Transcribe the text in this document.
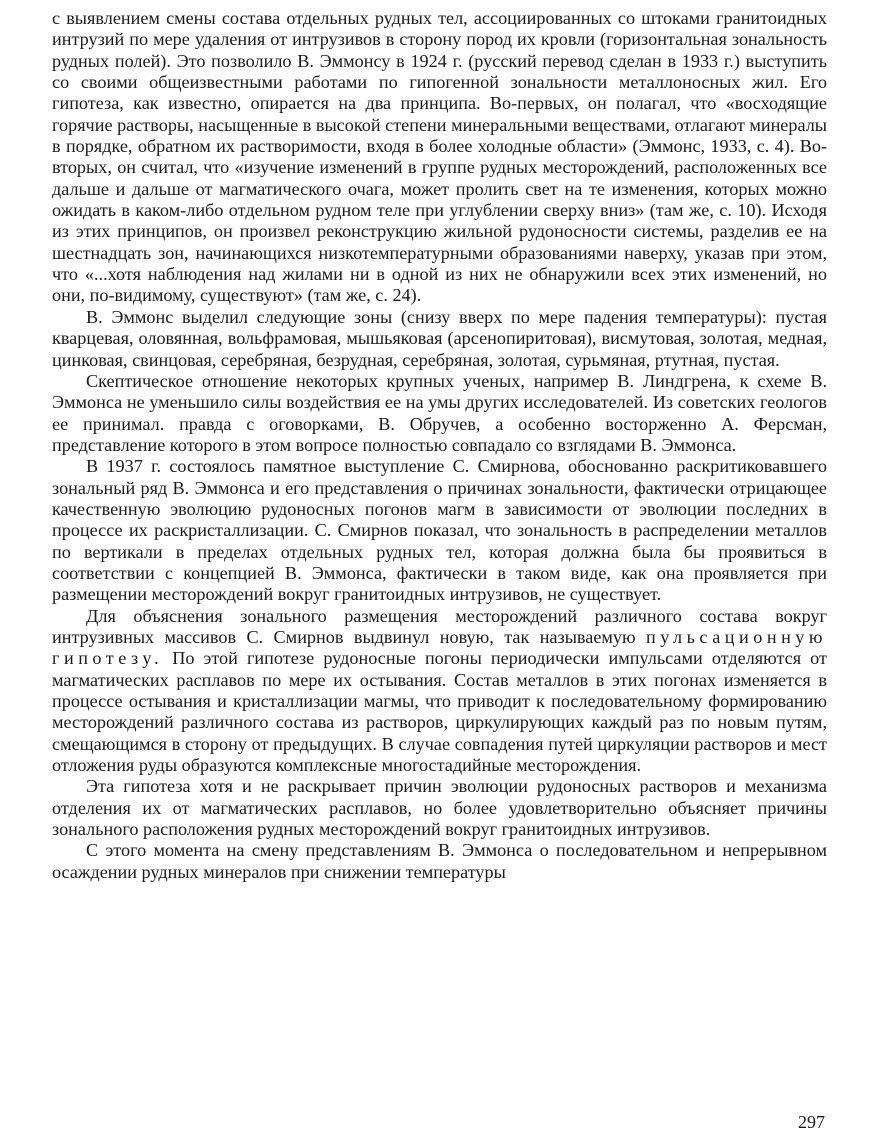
с выявлением смены состава отдельных рудных тел, ассоциированных со штоками гранитоидных интрузий по мере удаления от интрузивов в сторону пород их кровли (горизонтальная зональность рудных полей). Это позволило В. Эммонсу в 1924 г. (русский перевод сделан в 1933 г.) выступить со своими общеизвестными работами по гипогенной зональности металлоносных жил. Его гипотеза, как известно, опирается на два принципа. Во-первых, он полагал, что «восходящие горячие растворы, насыщенные в высокой степени минеральными веществами, отлагают минералы в порядке, обратном их растворимости, входя в более холодные области» (Эммонс, 1933, с. 4). Во-вторых, он считал, что «изучение изменений в группе рудных месторождений, расположенных все дальше и дальше от магматического очага, может пролить свет на те изменения, которых можно ожидать в каком-либо отдельном рудном теле при углублении сверху вниз» (там же, с. 10). Исходя из этих принципов, он произвел реконструкцию жильной рудоносности системы, разделив ее на шестнадцать зон, начинающихся низкотемпературными образованиями наверху, указав при этом, что «...хотя наблюдения над жилами ни в одной из них не обнаружили всех этих изменений, но они, по-видимому, существуют» (там же, с. 24).

В. Эммонс выделил следующие зоны (снизу вверх по мере падения температуры): пустая кварцевая, оловянная, вольфрамовая, мышьяковая (арсенопиритовая), висмутовая, золотая, медная, цинковая, свинцовая, серебряная, безрудная, серебряная, золотая, сурьмяная, ртутная, пустая.

Скептическое отношение некоторых крупных ученых, например В. Линдгрена, к схеме В. Эммонса не уменьшило силы воздействия ее на умы других исследователей. Из советских геологов ее принимал. правда с оговорками, В. Обручев, а особенно восторженно А. Ферсман, представление которого в этом вопросе полностью совпадало со взглядами В. Эммонса.

В 1937 г. состоялось памятное выступление С. Смирнова, обоснованно раскритиковавшего зональный ряд В. Эммонса и его представления о причинах зональности, фактически отрицающее качественную эволюцию рудоносных погонов магм в зависимости от эволюции последних в процессе их раскристаллизации. С. Смирнов показал, что зональность в распределении металлов по вертикали в пределах отдельных рудных тел, которая должна была бы проявиться в соответствии с концепцией В. Эммонса, фактически в таком виде, как она проявляется при размещении месторождений вокруг гранитоидных интрузивов, не существует.

Для объяснения зонального размещения месторождений различного состава вокруг интрузивных массивов С. Смирнов выдвинул новую, так называемую пульсационную гипотезу. По этой гипотезе рудоносные погоны периодически импульсами отделяются от магматических расплавов по мере их остывания. Состав металлов в этих погонах изменяется в процессе остывания и кристаллизации магмы, что приводит к последовательному формированию месторождений различного состава из растворов, циркулирующих каждый раз по новым путям, смещающимся в сторону от предыдущих. В случае совпадения путей циркуляции растворов и мест отложения руды образуются комплексные многостадийные месторождения.

Эта гипотеза хотя и не раскрывает причин эволюции рудоносных растворов и механизма отделения их от магматических расплавов, но более удовлетворительно объясняет причины зонального расположения рудных месторождений вокруг гранитоидных интрузивов.

С этого момента на смену представлениям В. Эммонса о последовательном и непрерывном осаждении рудных минералов при снижении температуры

297
